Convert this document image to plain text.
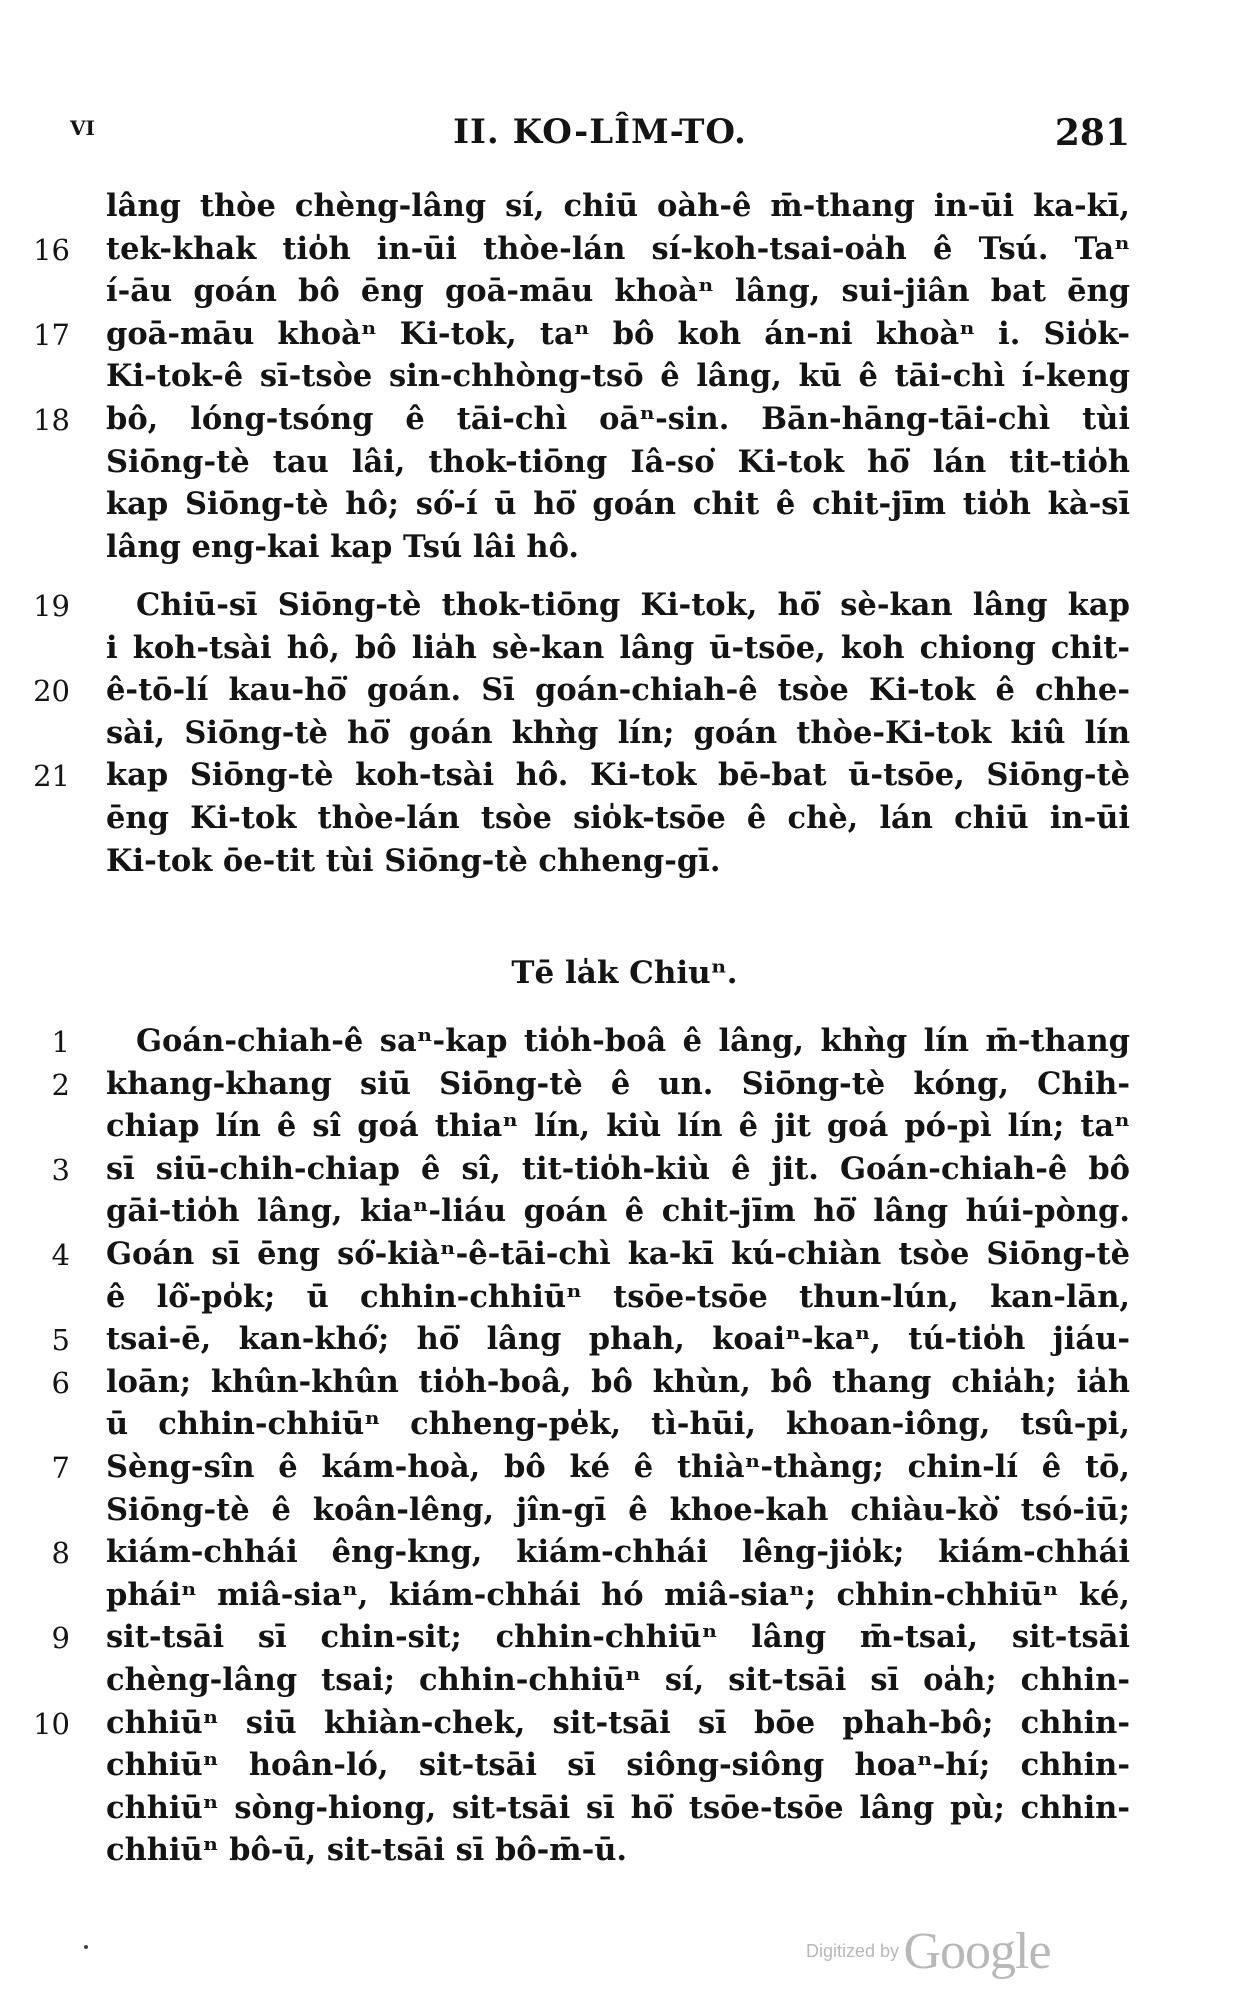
VI	II. KO-LÎM-TO.	281
lâng thòe chèng-lâng sí, chiū oàh-ê m̄-thang in-ūi ka-kī,
16 tek-khak tio̍h in-ūi thòe-lán sí-koh-tsai-oa̍h ê Tsú. Taⁿ
í-āu goán bô ēng goā-māu khoàⁿ lâng, sui-jiân bat ēng
17 goā-māu khoàⁿ Ki-tok, taⁿ bô koh án-ni khoàⁿ i. Sio̍k-
Ki-tok-ê sī-tsòe sin-chhòng-tsō ê lâng, kū ê tāi-chì í-keng
18 bô, lóng-tsóng ê tāi-chì oāⁿ-sin. Bān-hāng-tāi-chì tùi
Siōng-tè tau lâi, thok-tiōng Iâ-so͘ Ki-tok hō͘ lán tit-tio̍h
kap Siōng-tè hô; só͘-í ū hō͘ goán chit ê chit-jīm tio̍h kà-sī
lâng eng-kai kap Tsú lâi hô.
19 Chiū-sī Siōng-tè thok-tiōng Ki-tok, hō͘ sè-kan lâng kap
i koh-tsài hô, bô lia̍h sè-kan lâng ū-tsōe, koh chiong chit-
20 ê-tō-lí kau-hō͘ goán. Sī goán-chiah-ê tsòe Ki-tok ê chhe-
sài, Siōng-tè hō͘ goán khǹg lín; goán thòe-Ki-tok kiû lín
21 kap Siōng-tè koh-tsài hô. Ki-tok bē-bat ū-tsōe, Siōng-tè
ēng Ki-tok thòe-lán tsòe sio̍k-tsōe ê chè, lán chiū in-ūi
Ki-tok ōe-tit tùi Siōng-tè chheng-gī.
1 Goán-chiah-ê saⁿ-kap tio̍h-boâ ê lâng, khǹg lín m̄-thang
2 khang-khang siū Siōng-tè ê un. Siōng-tè kóng, Chih-
chiap lín ê sî goá thiaⁿ lín, kiù lín ê jit goá pó-pì lín; taⁿ
3 sī siū-chih-chiap ê sî, tit-tio̍h-kiù ê jit. Goán-chiah-ê bô
gāi-tio̍h lâng, kiaⁿ-liáu goán ê chit-jīm hō͘ lâng húi-pòng.
4 Goán sī ēng só͘-kiàⁿ-ê-tāi-chì ka-kī kú-chiàn tsòe Siōng-tè
ê lô͘-po̍k; ū chhin-chhiūⁿ tsōe-tsōe thun-lún, kan-lān,
5 tsai-ē, kan-khó͘; hō͘ lâng phah, koaiⁿ-kaⁿ, tú-tio̍h jiáu-
6 loān; khûn-khûn tio̍h-boâ, bô khùn, bô thang chia̍h; ia̍h
ū chhin-chhiūⁿ chheng-pe̍k, tì-hūi, khoan-iông, tsû-pi,
7 Sèng-sîn ê kám-hoà, bô ké ê thiàⁿ-thàng; chin-lí ê tō,
Siōng-tè ê koân-lêng, jîn-gī ê khoe-kah chiàu-kò͘ tsó-iū;
8 kiám-chhái êng-kng, kiám-chhái lêng-jio̍k; kiám-chhái
pháiⁿ miâ-siaⁿ, kiám-chhái hó miâ-siaⁿ; chhin-chhiūⁿ ké,
9 sit-tsāi sī chin-sit; chhin-chhiūⁿ lâng m̄-tsai, sit-tsāi
chèng-lâng tsai; chhin-chhiūⁿ sí, sit-tsāi sī oa̍h; chhin-
10 chhiūⁿ siū khiàn-chek, sit-tsāi sī bōe phah-bô; chhin-
chhiūⁿ hoân-ló, sit-tsāi sī siông-siông hoaⁿ-hí; chhin-
chhiūⁿ sòng-hiong, sit-tsāi sī hō͘ tsōe-tsōe lâng pù; chhin-
chhiūⁿ bô-ū, sit-tsāi sī bô-m̄-ū.
Tē la̍k Chiuⁿ.
Digitized by Google
